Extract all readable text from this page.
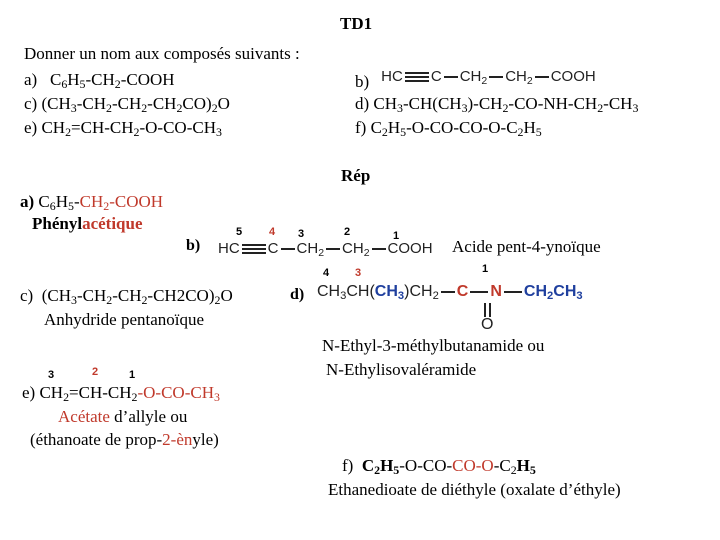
TD1
Donner un nom aux composés suivants :
a) $C_6H_5-CH_2$-COOH	b) HC C $CH_2$ $CH_2$ COOH
c) $(CH_3-CH_2-CH_2-CH_2CO)_2O$	d) $CH_3-CH(CH_3)-CH_2-CO-NH-CH_2-CH_3$
e) $CH_2=CH-CH_2-O-CO-CH_3$	f) $C_2H_5-O-CO-CO-O-C_2H_5$
Rép
a) $C_6H_5-CH_2$-COOH
Phénylacétique
b)
5 4 3	2	1
HC C $CH_2$ $CH_2$ COOH Acide pent-4-ynoïque
c) $(CH_3-CH_2-CH_2-CH2CO)_2O$
Anhydride pentanoïque
4 3	1
d) $CH_3CH(CH_3)CH_2$ C N $CH_2CH_3$
O
N-Ethyl-3-méthylbutanamide ou
N-Ethylisovaléramide
3	2	1
e) $CH_2=CH-CH_2-O-CO-CH_3$
Acétate d’allyle ou
(éthanoate de prop-2-ènyle)
f) $C_2H_5-O-CO-CO-O-C_2H_5$
Ethanedioate de diéthyle (oxalate d’éthyle)
